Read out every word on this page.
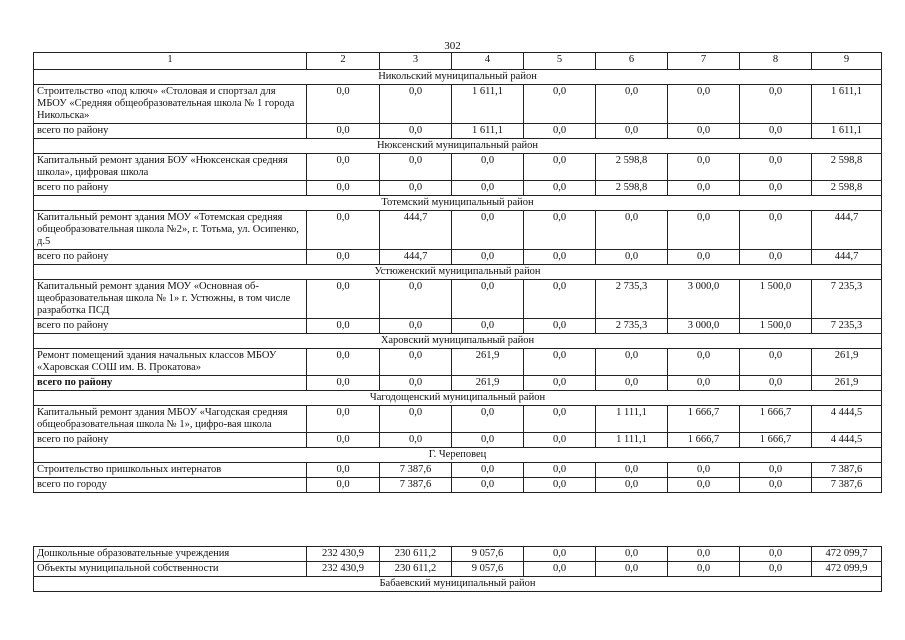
302
1	2	3	4	5	6	7	8	9
Никольский муниципальный район								
Строительство «под ключ» «Столовая и спортзал для МБОУ «Средняя общеобразовательная школа № 1 города Никольска»	0,0	0,0	1 611,1	0,0	0,0	0,0	0,0	1 611,1
всего по району	0,0	0,0	1 611,1	0,0	0,0	0,0	0,0	1 611,1
Нюксенский муниципальный район								
Капитальный ремонт здания БОУ «Нюксенская средняя школа», цифровая школа	0,0	0,0	0,0	0,0	2 598,8	0,0	0,0	2 598,8
всего по району	0,0	0,0	0,0	0,0	2 598,8	0,0	0,0	2 598,8
Тотемский муниципальный район								
Капитальный ремонт здания МОУ «Тотемская средняя общеобразовательная школа №2», г. Тотьма, ул. Осипенко, д.5	0,0	444,7	0,0	0,0	0,0	0,0	0,0	444,7
всего по району	0,0	444,7	0,0	0,0	0,0	0,0	0,0	444,7
Устюженский муниципальный район								
Капитальный ремонт здания МОУ «Основная об-щеобразовательная школа № 1» г. Устюжны, в том числе разработка ПСД	0,0	0,0	0,0	0,0	2 735,3	3 000,0	1 500,0	7 235,3
всего по району	0,0	0,0	0,0	0,0	2 735,3	3 000,0	1 500,0	7 235,3
Харовский муниципальный район								
Ремонт помещений здания начальных классов МБОУ «Харовская СОШ им. В. Прокатова»	0,0	0,0	261,9	0,0	0,0	0,0	0,0	261,9
всего по району	0,0	0,0	261,9	0,0	0,0	0,0	0,0	261,9
Чагодощенский муниципальный район								
Капитальный ремонт здания МБОУ «Чагодская средняя общеобразовательная школа № 1», цифро-вая школа	0,0	0,0	0,0	0,0	1 111,1	1 666,7	1 666,7	4 444,5
всего по району	0,0	0,0	0,0	0,0	1 111,1	1 666,7	1 666,7	4 444,5
Г. Череповец								
Строительство пришкольных интернатов	0,0	7 387,6	0,0	0,0	0,0	0,0	0,0	7 387,6
всего по городу	0,0	7 387,6	0,0	0,0	0,0	0,0	0,0	7 387,6
Дошкольные образовательные учреждения	232 430,9	230 611,2	9 057,6	0,0	0,0	0,0	0,0	472 099,7
Объекты муниципальной собственности	232 430,9	230 611,2	9 057,6	0,0	0,0	0,0	0,0	472 099,9
Бабаевский муниципальный район								
